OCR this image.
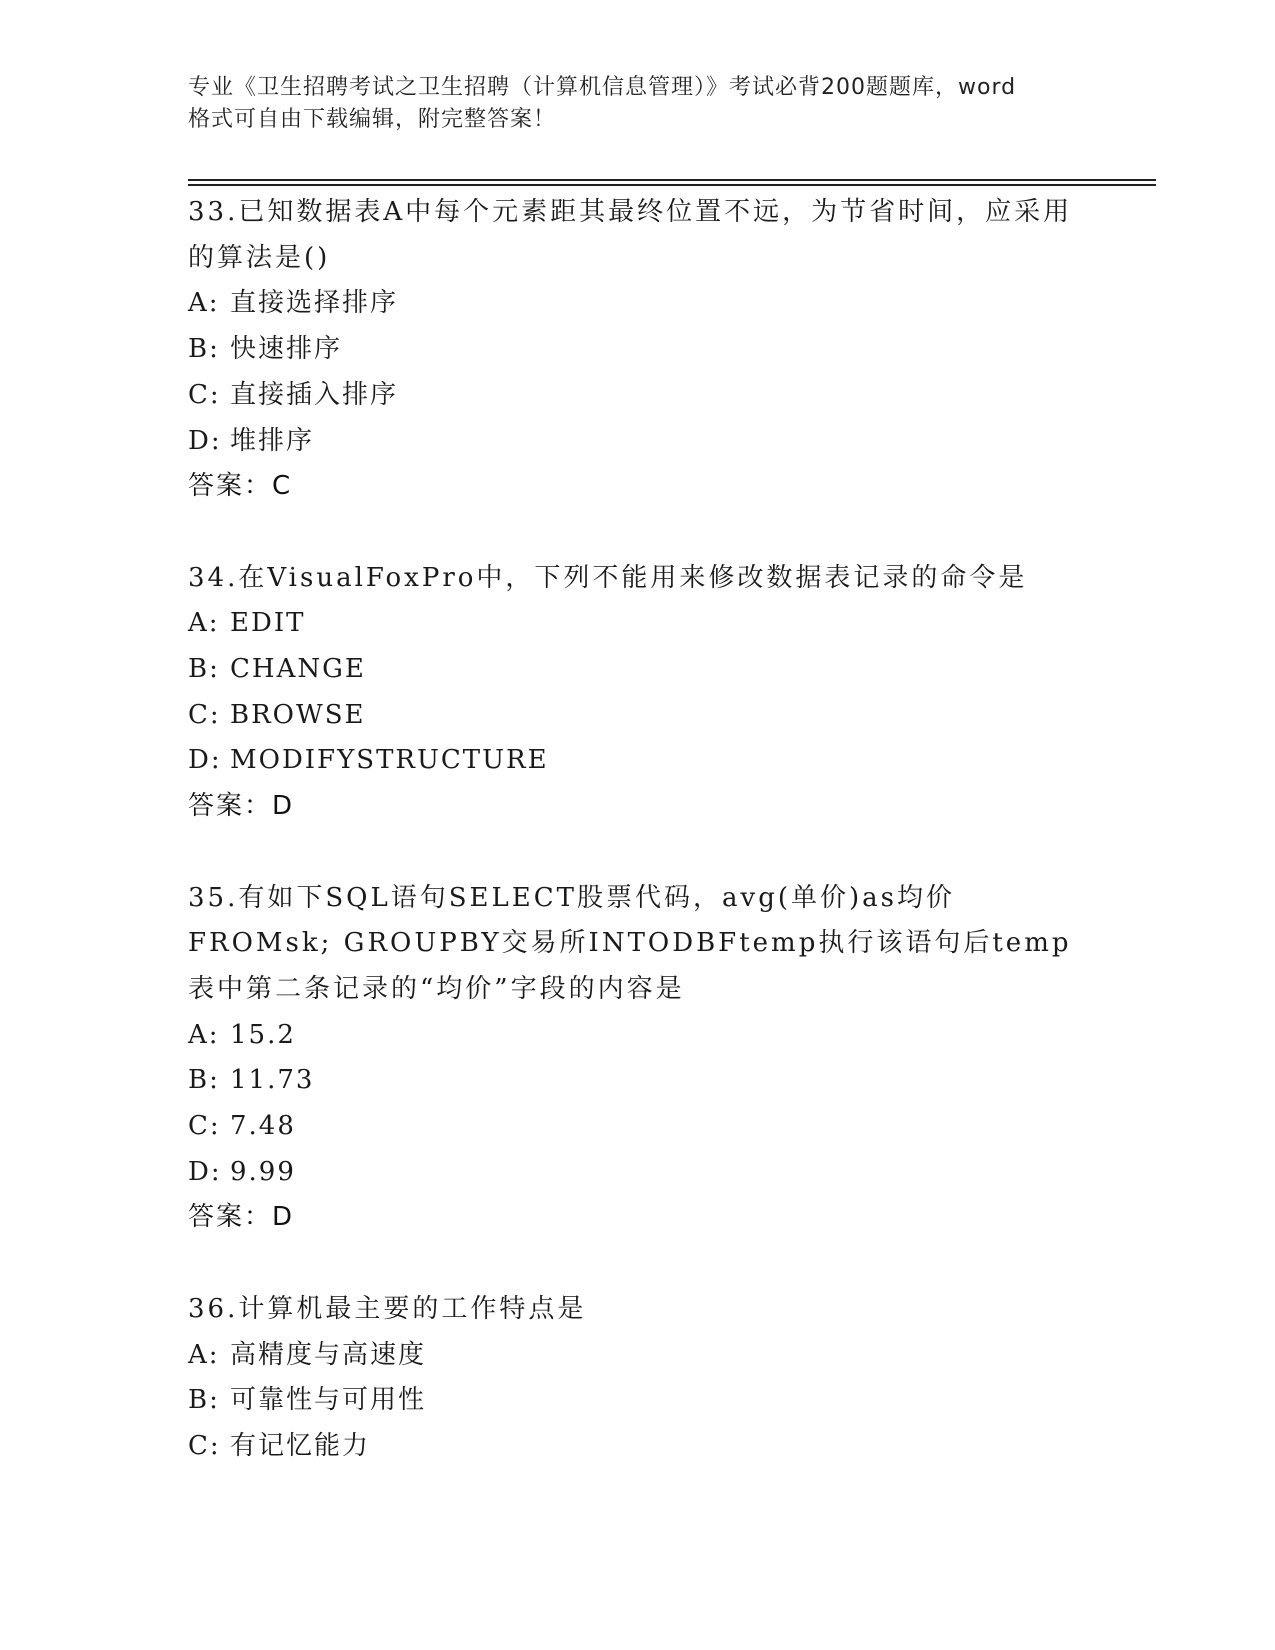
专业《卫生招聘考试之卫生招聘（计算机信息管理）》考试必背200题题库，word
格式可自由下载编辑，附完整答案！
33.已知数据表A中每个元素距其最终位置不远，为节省时间，应采用的算法是()
A: 直接选择排序
B: 快速排序
C: 直接插入排序
D: 堆排序
答案：C
34.在VisualFoxPro中，下列不能用来修改数据表记录的命令是
A: EDIT
B: CHANGE
C: BROWSE
D: MODIFYSTRUCTURE
答案：D
35.有如下SQL语句SELECT股票代码，avg(单价)as均价FROMsk; GROUPBY交易所INTODBFtemp执行该语句后temp表中第二条记录的“均价”字段的内容是
A: 15.2
B: 11.73
C: 7.48
D: 9.99
答案：D
36.计算机最主要的工作特点是
A: 高精度与高速度
B: 可靠性与可用性
C: 有记忆能力
